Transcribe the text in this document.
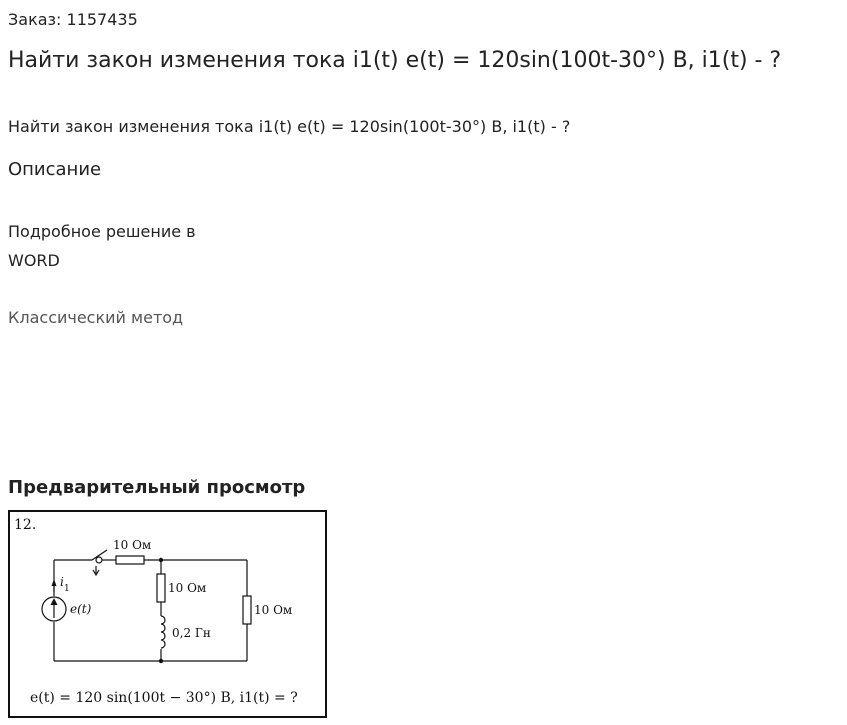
Заказ: 1157435
Найти закон изменения тока i1(t) e(t) = 120sin(100t-30°) В, i1(t) - ?
Найти закон изменения тока i1(t) e(t) = 120sin(100t-30°) В, i1(t) - ?
Описание
Подробное решение в
WORD
Классический метод
Предварительный просмотр
12.
10 Ом
10 Ом
0,2 Гн
10 Ом
e(t)
i 1
e(t) = 120 sin(100t − 30°) В, i1(t) = ?
